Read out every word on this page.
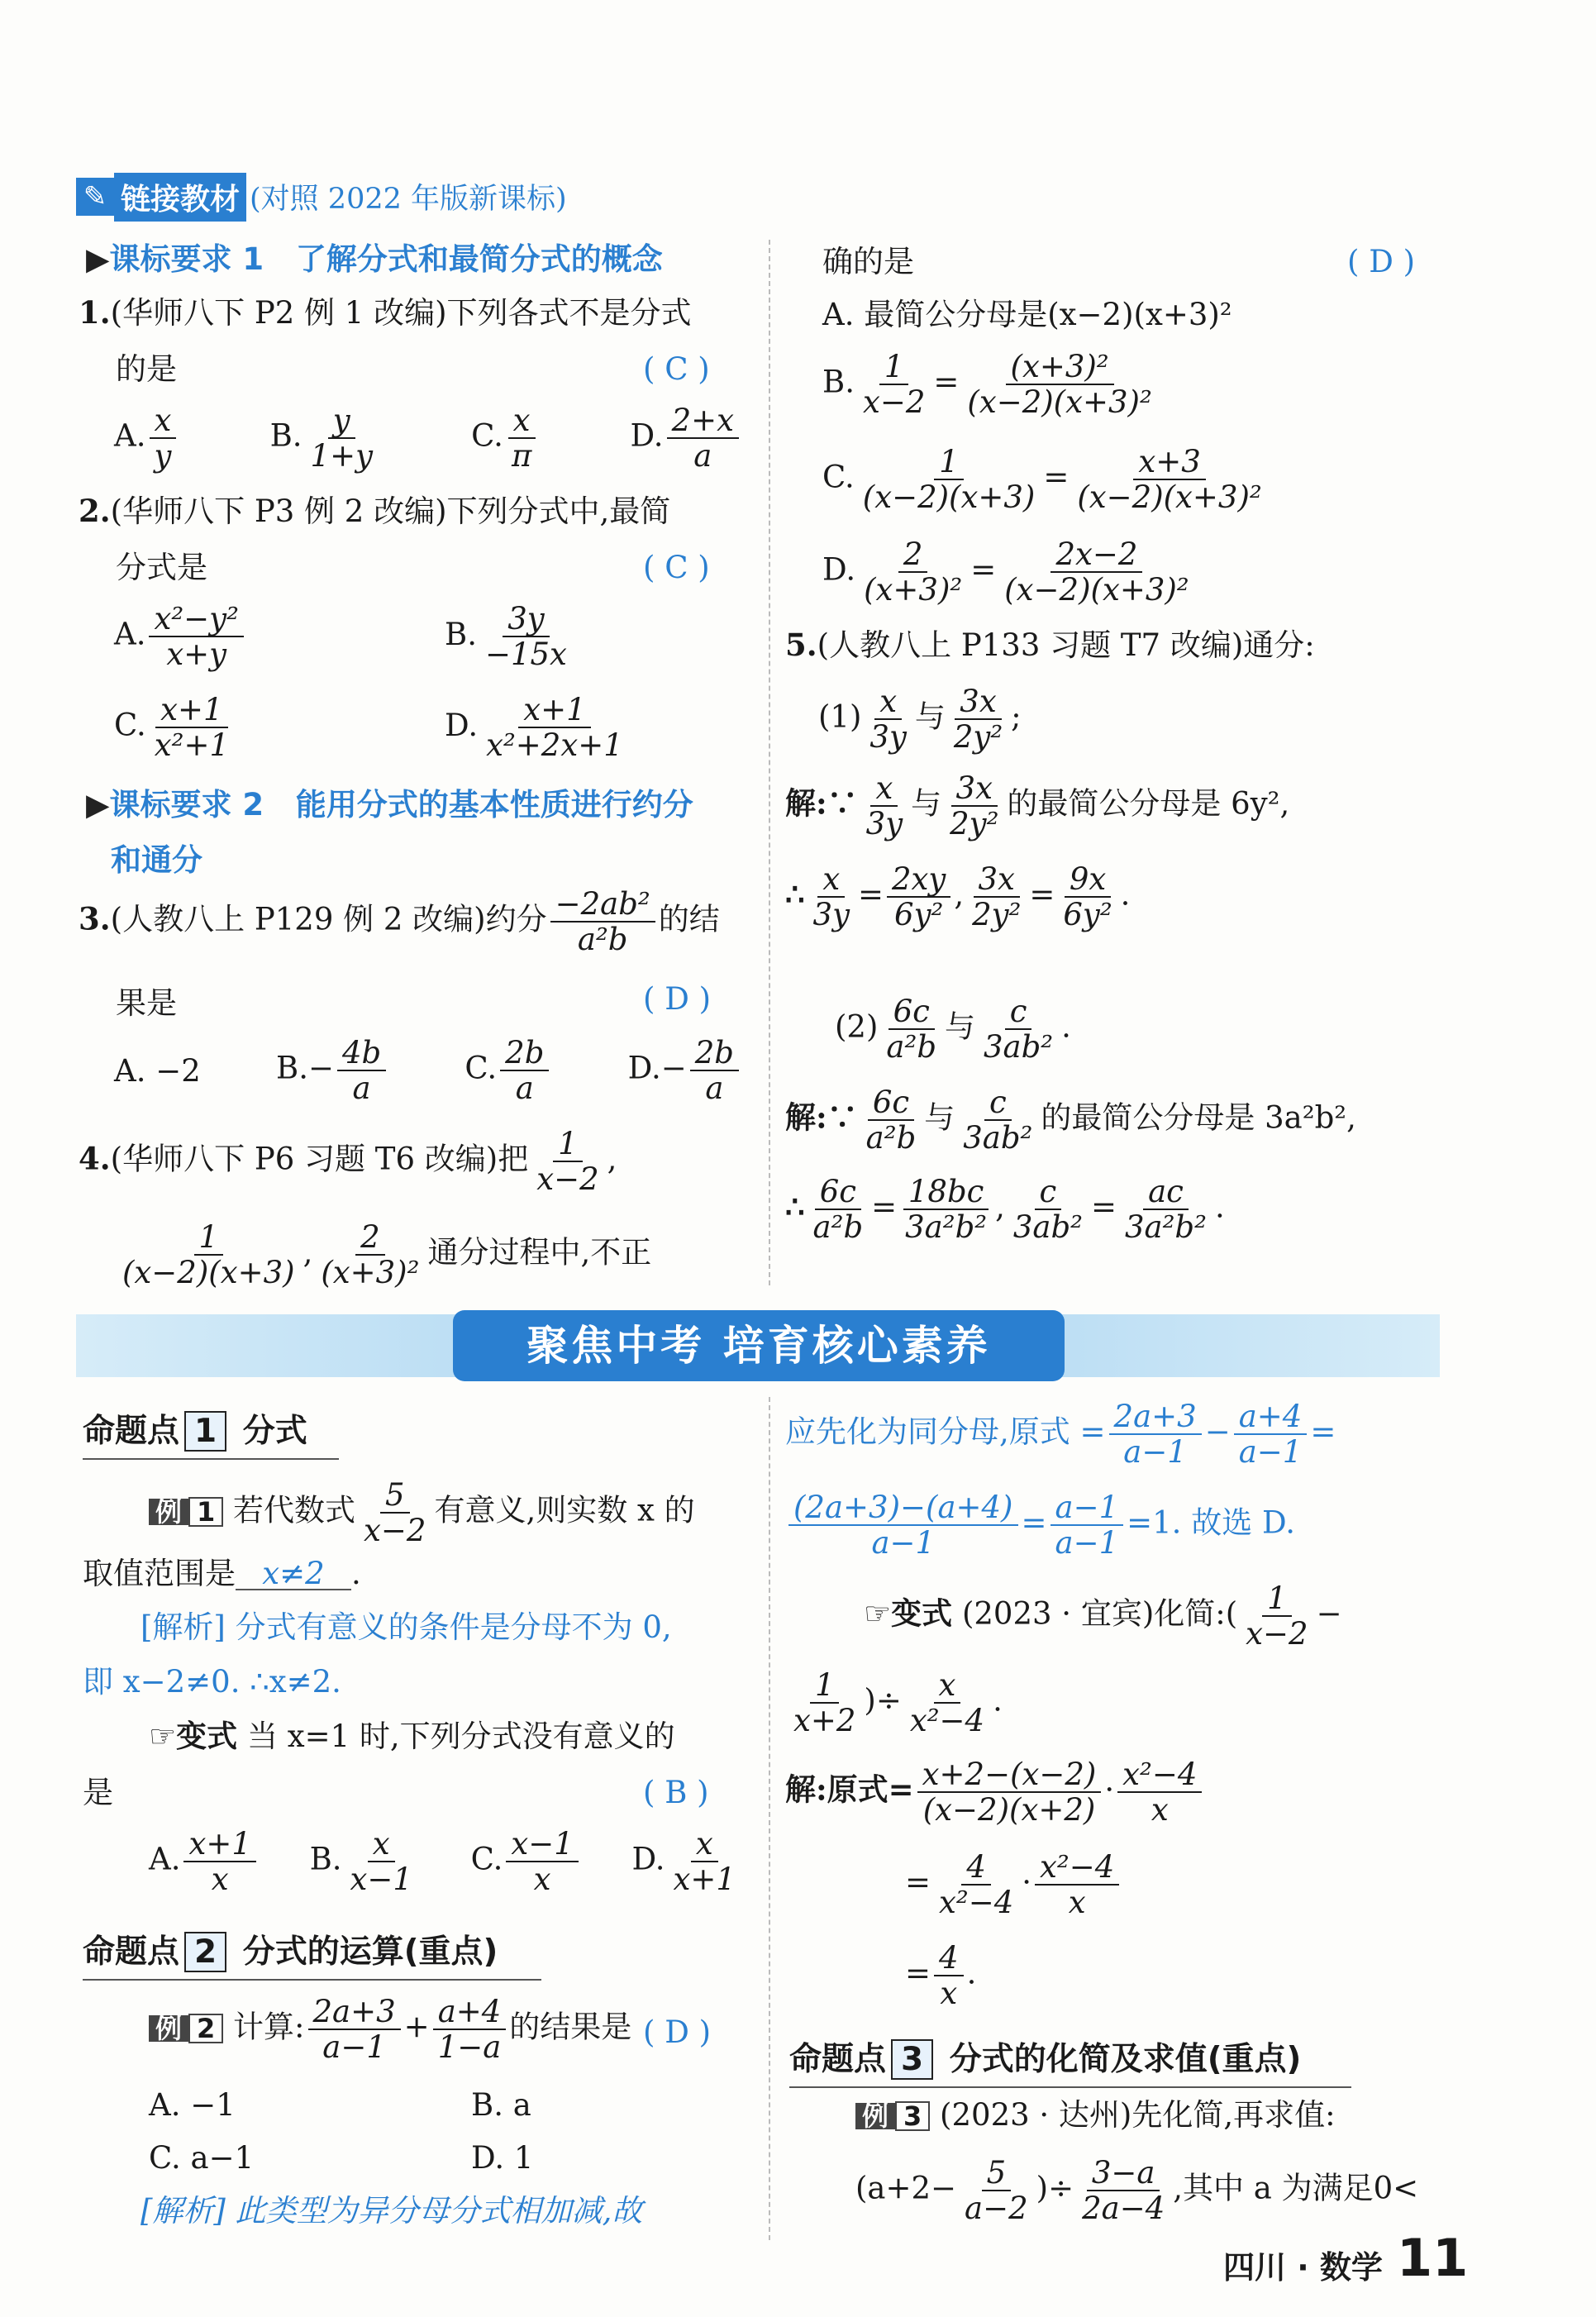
✎ 链接教材 (对照 2022 年版新课标)
▶课标要求 1 了解分式和最简分式的概念
1.(华师八下 P2 例 1 改编)下列各式不是分式
的是	( C )
A. $\frac{x}{y}$	B. $\frac{y}{1+y}$	C. $\frac{x}{\pi}$	D. $\frac{2+x}{a}$
2.(华师八下 P3 例 2 改编)下列分式中,最简
分式是	( C )
A. $\frac{\text{x²−y²}}{x+y}$	B. $\frac{3y}{-15x}$
C. $\frac{x+1}{\text{x²+1}}$	D. $\frac{x+1}{\text{x²+2x+1}}$
▶课标要求 2 能用分式的基本性质进行约分
和通分
3.(人教八上 P129 例 2 改编)约分 $\frac{\text{−2ab²}}{\text{a²b}}$ 的结
果是	( D )
A. −2 $B.- \frac{4b}{a}$	C. $\frac{2b}{a}$	$D.- \frac{2b}{a}$
4.(华师八下 P6 习题 T6 改编)把 $\frac{1}{x-2}$ ,
$\frac{1}{(x-2)(x+3)}$ , $\frac{2}{\text{(x+3)²}}$ 通分过程中,不正
确的是	( D )
A. 最简公分母是(x−2)(x+3)²
B. $\frac{1}{x-2} = \frac{\text{(x+3)²}}{\text{(x−2)(x+3)²}}$
C. $\frac{1}{(x-2)(x+3)} = \frac{x+3}{\text{(x−2)(x+3)²}}$
D. $\frac{2}{\text{(x+3)²}} = \frac{2x-2}{\text{(x−2)(x+3)²}}$
5.(人教八上 P133 习题 T7 改编)通分:
$(1) \frac{x}{3y}$ 与 $\frac{3x}{\text{2y²}}$ ;
解:∵ $\frac{x}{3y}$ 与 $\frac{3x}{\text{2y²}}$ 的最简公分母是 6y²,
∴ $\frac{x}{3y} = \frac{2xy}{\text{6y²}}$ , $\frac{3x}{\text{2y²}} = \frac{9x}{\text{6y²}}$ .
$(2) \frac{6c}{\text{a²b}}$ 与 $\frac{c}{\text{3ab²}}$ .
解:∵ $\frac{6c}{\text{a²b}}$ 与 $\frac{c}{\text{3ab²}}$ 的最简公分母是 3a²b²,
∴ $\frac{6c}{\text{a²b}} = \frac{18bc}{\text{3a²b²}}$ , $\frac{c}{\text{3ab²}} = \frac{ac}{\text{3a²b²}}$ .
聚焦中考 培育核心素养
命题点 1 分式
例 1 若代数式 $\frac{5}{x-2}$ 有意义,则实数 x 的
取值范围是 x≠2 .
[解析] 分式有意义的条件是分母不为 0,
即 x−2≠0. ∴x≠2.
☞变式 当 x=1 时,下列分式没有意义的
是	( B )
A. $\frac{x+1}{x} B$. $\frac{x}{x-1} C$. $\frac{x-1}{x} D$. $\frac{x}{x+1}$
命题点 2 分式的运算(重点)
例 2 计算: $\frac{2a+3}{a-1} + \frac{a+4}{1-a}$ 的结果是 ( D )
A. −1	B. a
C. a−1	D. 1
[解析] 此类型为异分母分式相加减,故
应先化为同分母,原式 = $\frac{2a+3}{a-1} - \frac{a+4}{a-1}$ =
$\frac{(2a+3)-(a+4)}{a-1} = \frac{a-1}{a-1} =1$. 故选 D.
☞变式 (2023 · 宜宾)化简:( $\frac{1}{x-2}$ −
$\frac{1}{x+2}$ )÷ $\frac{x}{\text{x²−4}}$ .
解:原式= $\frac{x+2-(x-2)}{(x-2)(x+2)} \cdot \frac{\text{x²−4}}{x}$
= $\frac{4}{\text{x²−4}} \cdot \frac{\text{x²−4}}{x}$
= $\frac{4}{x}$ .
命题点 3 分式的化简及求值(重点)
例 3 (2023 · 达州)先化简,再求值:
($a+2- \frac{5}{a-2}$ )÷ $\frac{3-a}{2a-4}$ ,其中 a 为满足0<
四川 · 数学 11
